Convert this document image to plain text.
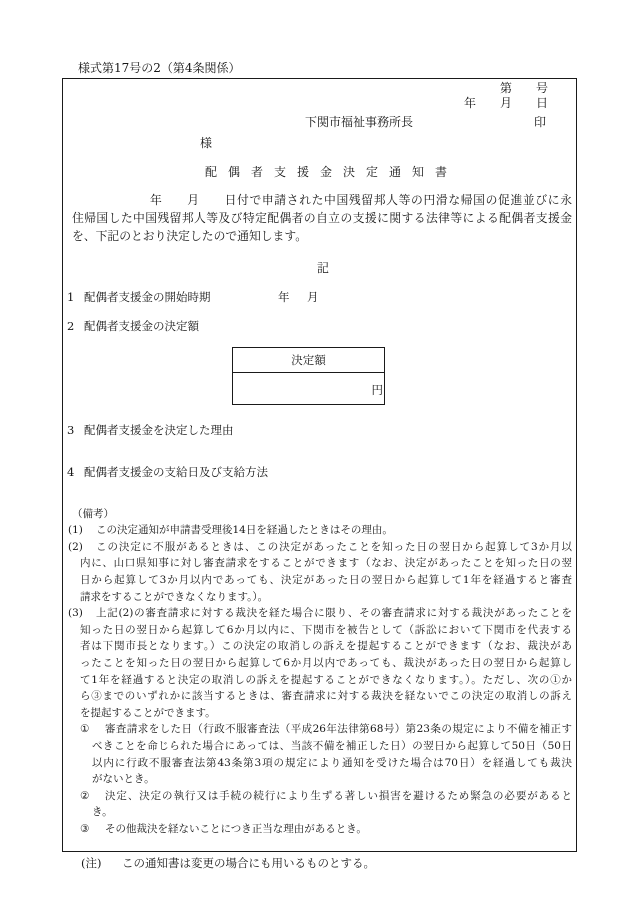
様式第17号の2（第4条関係）
第　　号
年　　月　　日
下関市福祉事務所長	印
様
配偶者支援金決定通知書
年　　月　　日付で申請された中国残留邦人等の円滑な帰国の促進並びに永
住帰国した中国残留邦人等及び特定配偶者の自立の支援に関する法律等による配偶者支援金
を、下記のとおり決定したので通知します。
記
1 配偶者支援金の開始時期	年 月
2 配偶者支援金の決定額
決定額
円
3 配偶者支援金を決定した理由
4 配偶者支援金の支給日及び支給方法
（備考）
(1) この決定通知が申請書受理後14日を経過したときはその理由。
(2) この決定に不服があるときは、この決定があったことを知った日の翌日から起算して3か月以
内に、山口県知事に対し審査請求をすることができます（なお、決定があったことを知った日の翌
日から起算して3か月以内であっても、決定があった日の翌日から起算して1年を経過すると審査
請求をすることができなくなります。）。
(3) 上記(2)の審査請求に対する裁決を経た場合に限り、その審査請求に対する裁決があったことを
知った日の翌日から起算して6か月以内に、下関市を被告として（訴訟において下関市を代表する
者は下関市長となります。）この決定の取消しの訴えを提起することができます（なお、裁決があ
ったことを知った日の翌日から起算して6か月以内であっても、裁決があった日の翌日から起算し
て1年を経過すると決定の取消しの訴えを提起することができなくなります。）。ただし、次の①か
ら③までのいずれかに該当するときは、審査請求に対する裁決を経ないでこの決定の取消しの訴え
を提起することができます。
① 審査請求をした日（行政不服審査法（平成26年法律第68号）第23条の規定により不備を補正す
べきことを命じられた場合にあっては、当該不備を補正した日）の翌日から起算して50日（50日
以内に行政不服審査法第43条第3項の規定により通知を受けた場合は70日）を経過しても裁決
がないとき。
② 決定、決定の執行又は手続の続行により生ずる著しい損害を避けるため緊急の必要があると
き。
③ その他裁決を経ないことにつき正当な理由があるとき。
(注) この通知書は変更の場合にも用いるものとする。
